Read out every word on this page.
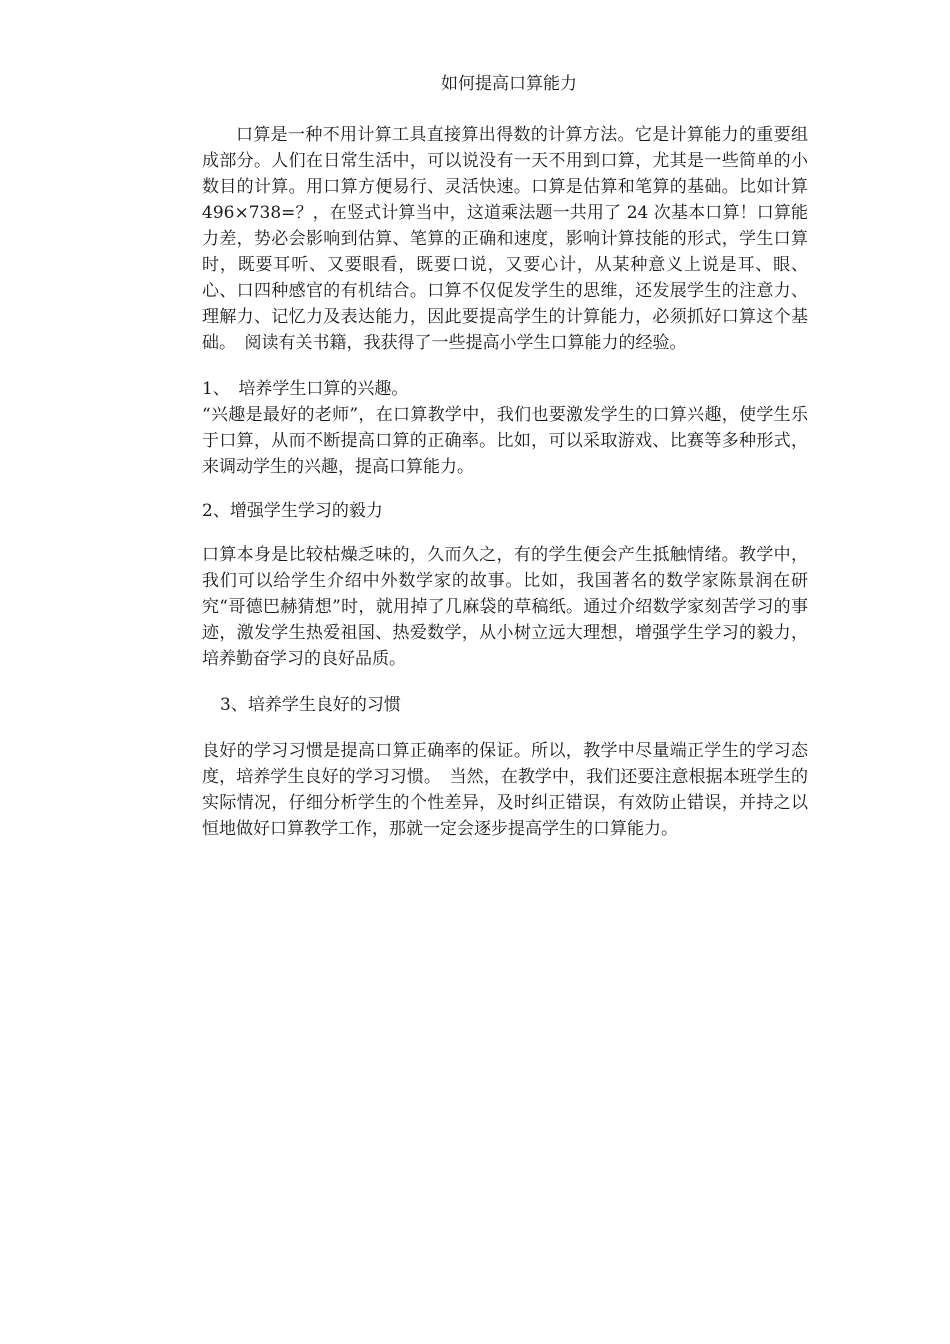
如何提高口算能力

口算是一种不用计算工具直接算出得数的计算方法。它是计算能力的重要组成部分。人们在日常生活中，可以说没有一天不用到口算，尤其是一些简单的小数目的计算。用口算方便易行、灵活快速。口算是估算和笔算的基础。比如计算 496×738=？，在竖式计算当中，这道乘法题一共用了 24 次基本口算！口算能力差，势必会影响到估算、笔算的正确和速度，影响计算技能的形式，学生口算时，既要耳听、又要眼看，既要口说，又要心计，从某种意义上说是耳、眼、心、口四种感官的有机结合。口算不仅促发学生的思维，还发展学生的注意力、理解力、记忆力及表达能力，因此要提高学生的计算能力，必须抓好口算这个基础。　阅读有关书籍，我获得了一些提高小学生口算能力的经验。

1、　培养学生口算的兴趣。

“兴趣是最好的老师”，在口算教学中，我们也要激发学生的口算兴趣，使学生乐于口算，从而不断提高口算的正确率。比如，可以采取游戏、比赛等多种形式，来调动学生的兴趣，提高口算能力。

2、增强学生学习的毅力

口算本身是比较枯燥乏味的，久而久之，有的学生便会产生抵触情绪。教学中，我们可以给学生介绍中外数学家的故事。比如，我国著名的数学家陈景润在研究“哥德巴赫猜想”时，就用掉了几麻袋的草稿纸。通过介绍数学家刻苦学习的事迹，激发学生热爱祖国、热爱数学，从小树立远大理想，增强学生学习的毅力，培养勤奋学习的良好品质。

3、培养学生良好的习惯

良好的学习习惯是提高口算正确率的保证。所以，教学中尽量端正学生的学习态度，培养学生良好的学习习惯。　当然，在教学中，我们还要注意根据本班学生的实际情况，仔细分析学生的个性差异，及时纠正错误，有效防止错误，并持之以恒地做好口算教学工作，那就一定会逐步提高学生的口算能力。
